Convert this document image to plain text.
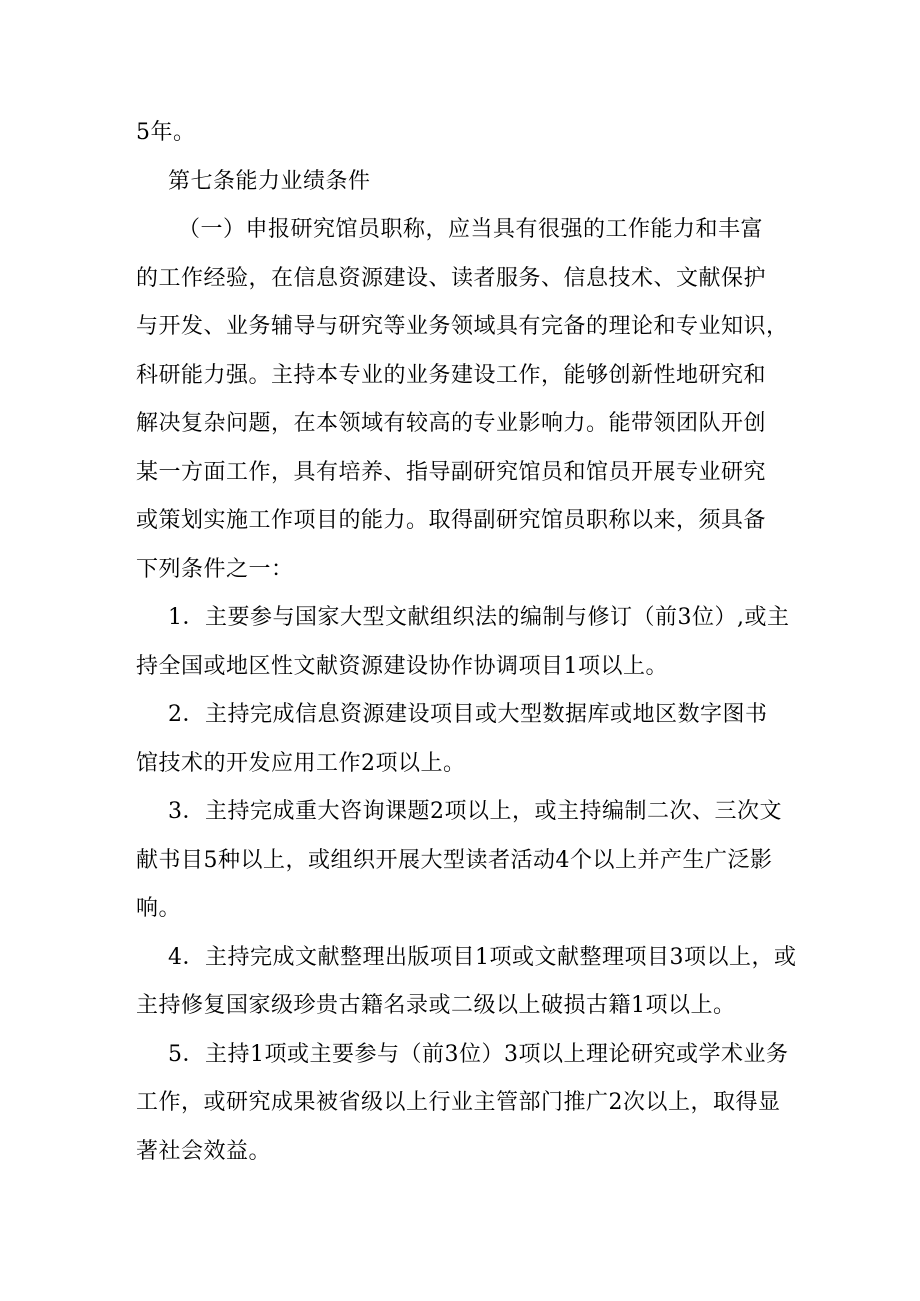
5年。
第七条能力业绩条件
（一）申报研究馆员职称，应当具有很强的工作能力和丰富
的工作经验，在信息资源建设、读者服务、信息技术、文献保护
与开发、业务辅导与研究等业务领域具有完备的理论和专业知识，
科研能力强。主持本专业的业务建设工作，能够创新性地研究和
解决复杂问题，在本领域有较高的专业影响力。能带领团队开创
某一方面工作，具有培养、指导副研究馆员和馆员开展专业研究
或策划实施工作项目的能力。取得副研究馆员职称以来，须具备
下列条件之一：
1．主要参与国家大型文献组织法的编制与修订（前3位）,或主
持全国或地区性文献资源建设协作协调项目1项以上。
2．主持完成信息资源建设项目或大型数据库或地区数字图书
馆技术的开发应用工作2项以上。
3．主持完成重大咨询课题2项以上，或主持编制二次、三次文
献书目5种以上，或组织开展大型读者活动4个以上并产生广泛影
响。
4．主持完成文献整理出版项目1项或文献整理项目3项以上，或
主持修复国家级珍贵古籍名录或二级以上破损古籍1项以上。
5．主持1项或主要参与（前3位）3项以上理论研究或学术业务
工作，或研究成果被省级以上行业主管部门推广2次以上，取得显
著社会效益。
